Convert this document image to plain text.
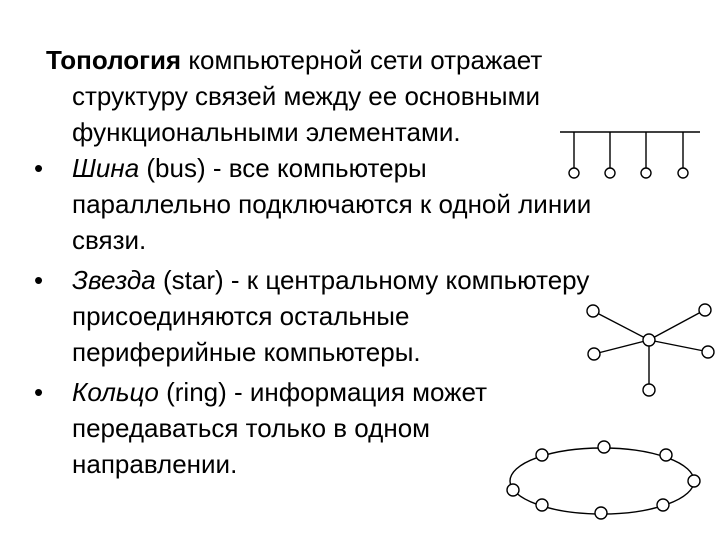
Топология компьютерной сети отражает
структуру связей между ее основными
функциональными элементами.
• Шина (bus) - все компьютеры
параллельно подключаются к одной линии
связи.
• Звезда (star) - к центральному компьютеру
присоединяются остальные
периферийные компьютеры.
• Кольцо (ring) - информация может
передаваться только в одном
направлении.
